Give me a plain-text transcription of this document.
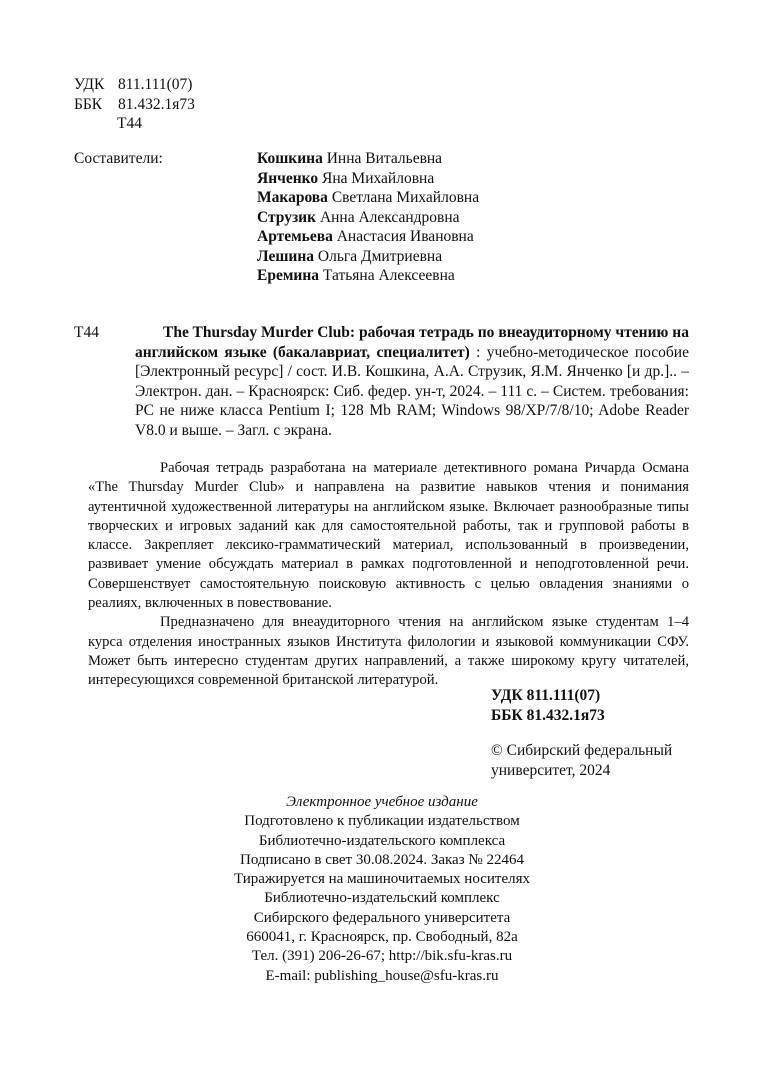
УДК 811.111(07)
ББК 81.432.1я73
Т44
Составители:	Кошкина Инна Витальевна
Янченко Яна Михайловна
Макарова Светлана Михайловна
Струзик Анна Александровна
Артемьева Анастасия Ивановна
Лешина Ольга Дмитриевна
Еремина Татьяна Алексеевна
Т44	The Thursday Murder Club: рабочая тетрадь по внеаудиторному чтению на английском языке (бакалавриат, специалитет) : учебно-методическое пособие [Электронный ресурс] / сост. И.В. Кошкина, А.А. Струзик, Я.М. Янченко [и др.].. – Электрон. дан. – Красноярск: Сиб. федер. ун-т, 2024. – 111 с. – Систем. требования: PC не ниже класса Pentium I; 128 Mb RAM; Windows 98/XP/7/8/10; Adobe Reader V8.0 и выше. – Загл. с экрана.

Рабочая тетрадь разработана на материале детективного романа Ричарда Османа «The Thursday Murder Club» и направлена на развитие навыков чтения и понимания аутентичной художественной литературы на английском языке. Включает разнообразные типы творческих и игровых заданий как для самостоятельной работы, так и групповой работы в классе. Закрепляет лексико-грамматический материал, использованный в произведении, развивает умение обсуждать материал в рамках подготовленной и неподготовленной речи. Совершенствует самостоятельную поисковую активность с целью овладения знаниями о реалиях, включенных в повествование.

Предназначено для внеаудиторного чтения на английском языке студентам 1–4 курса отделения иностранных языков Института филологии и языковой коммуникации СФУ. Может быть интересно студентам других направлений, а также широкому кругу читателей, интересующихся современной британской литературой.

УДК 811.111(07)
ББК 81.432.1я73
© Сибирский федеральный
университет, 2024
Электронное учебное издание
Подготовлено к публикации издательством
Библиотечно-издательского комплекса
Подписано в свет 30.08.2024. Заказ № 22464
Тиражируется на машиночитаемых носителях
Библиотечно-издательский комплекс
Сибирского федерального университета
660041, г. Красноярск, пр. Свободный, 82а
Тел. (391) 206-26-67; http://bik.sfu-kras.ru
E-mail: publishing_house@sfu-kras.ru
